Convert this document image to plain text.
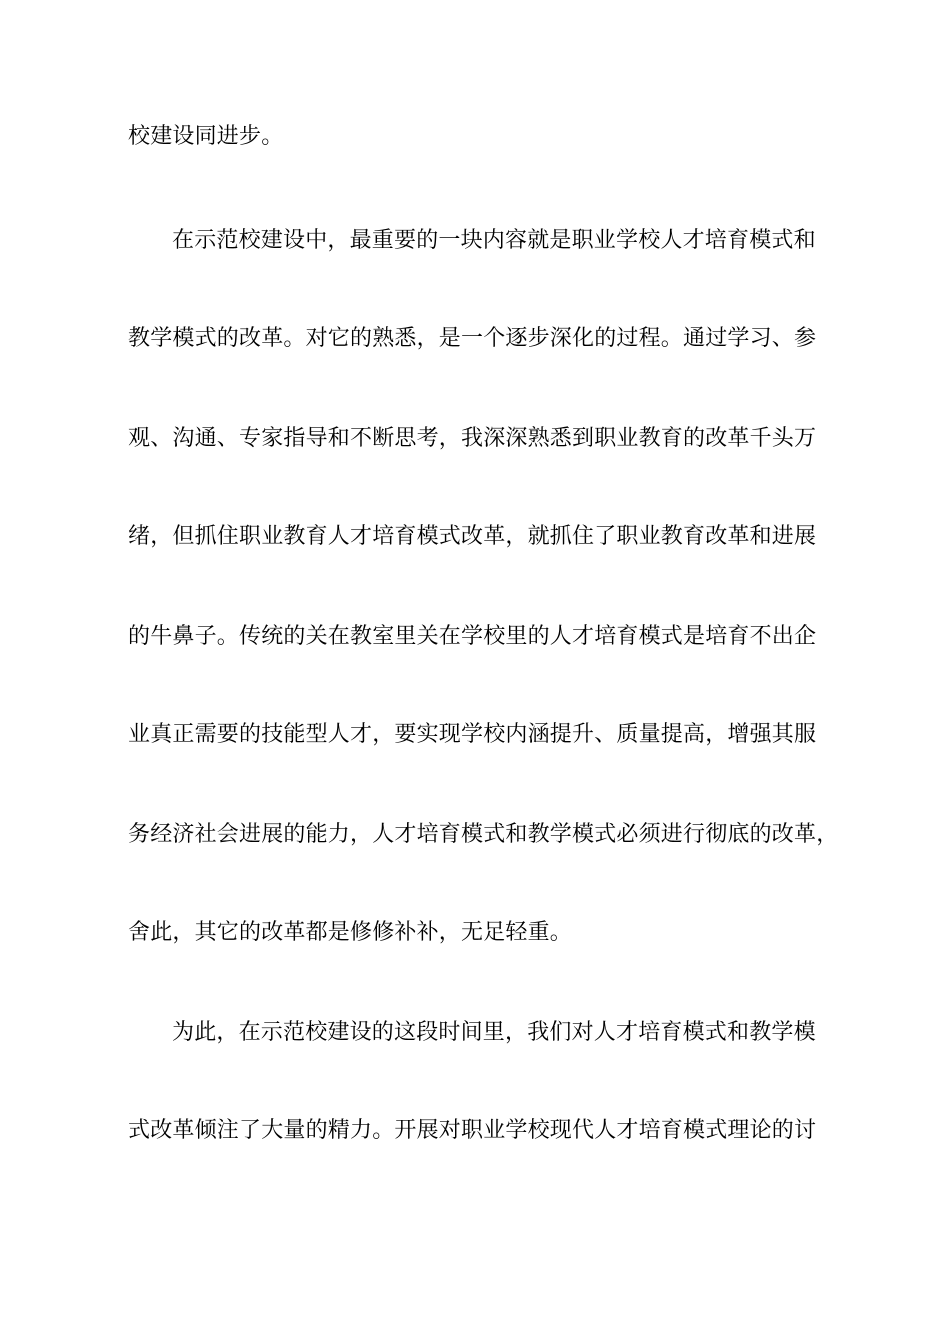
校建设同进步。
在示范校建设中，最重要的一块内容就是职业学校人才培育模式和
教学模式的改革。对它的熟悉，是一个逐步深化的过程。通过学习、参
观、沟通、专家指导和不断思考，我深深熟悉到职业教育的改革千头万
绪，但抓住职业教育人才培育模式改革，就抓住了职业教育改革和进展
的牛鼻子。传统的关在教室里关在学校里的人才培育模式是培育不出企
业真正需要的技能型人才，要实现学校内涵提升、质量提高，增强其服
务经济社会进展的能力，人才培育模式和教学模式必须进行彻底的改革，
舍此，其它的改革都是修修补补，无足轻重。
为此，在示范校建设的这段时间里，我们对人才培育模式和教学模
式改革倾注了大量的精力。开展对职业学校现代人才培育模式理论的讨
